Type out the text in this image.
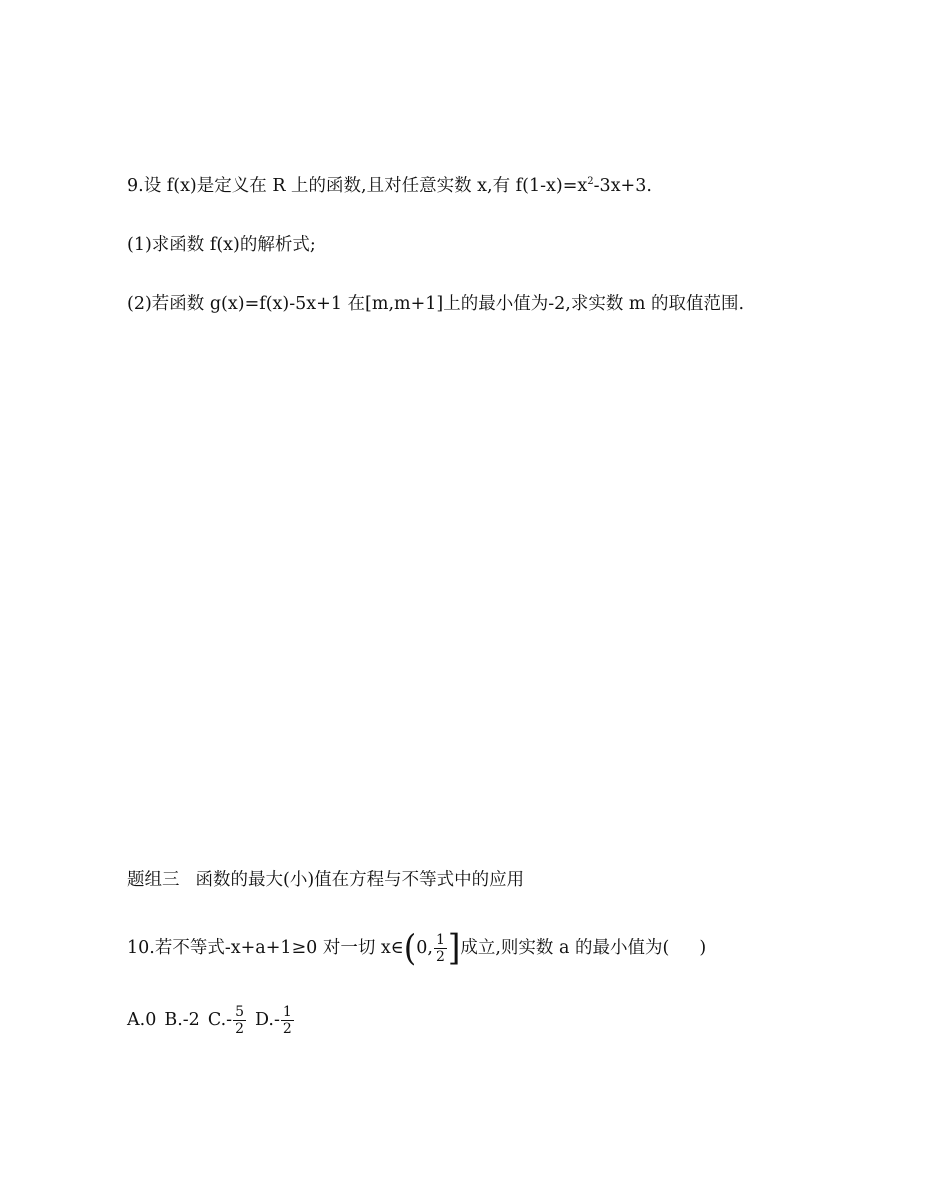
9.设 f(x)是定义在 R 上的函数,且对任意实数 x,有 $f(1-x)=x^2-3x+3$.
(1)求函数 f(x)的解析式;
(2)若函数 g(x)=f(x)-5x+1 在[m,m+1]上的最小值为-2,求实数 m 的取值范围.
题组三 函数的最大(小)值在方程与不等式中的应用
10.若不等式-x+a+1≥0 对一切 x∈ ( 0, $\frac{1}{2}$ ] 成立,则实数 a 的最小值为( )
A.0 B.-2 $C.- \frac{5}{2} D.- \frac{1}{2}$
